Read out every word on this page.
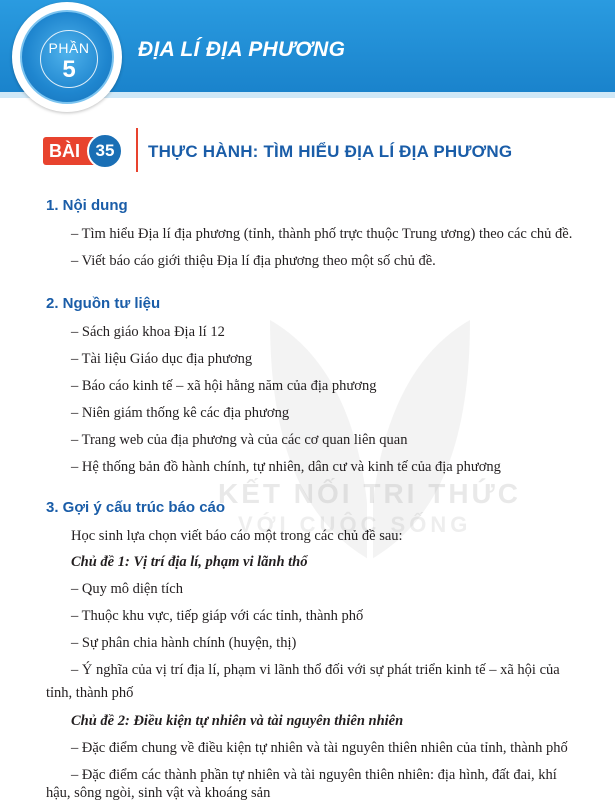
PHẦN
5
ĐỊA LÍ ĐỊA PHƯƠNG
KẾT NỐI TRI THỨC
VỚI CUỘC SỐNG
BÀI 35	THỰC HÀNH: TÌM HIỂU ĐỊA LÍ ĐỊA PHƯƠNG
1. Nội dung
– Tìm hiểu Địa lí địa phương (tỉnh, thành phố trực thuộc Trung ương) theo các chủ đề.
– Viết báo cáo giới thiệu Địa lí địa phương theo một số chủ đề.
2. Nguồn tư liệu
– Sách giáo khoa Địa lí 12
– Tài liệu Giáo dục địa phương
– Báo cáo kinh tế – xã hội hằng năm của địa phương
– Niên giám thống kê các địa phương
– Trang web của địa phương và của các cơ quan liên quan
– Hệ thống bản đồ hành chính, tự nhiên, dân cư và kinh tế của địa phương
3. Gợi ý cấu trúc báo cáo
Học sinh lựa chọn viết báo cáo một trong các chủ đề sau:
Chủ đề 1: Vị trí địa lí, phạm vi lãnh thổ
– Quy mô diện tích
– Thuộc khu vực, tiếp giáp với các tỉnh, thành phố
– Sự phân chia hành chính (huyện, thị)
– Ý nghĩa của vị trí địa lí, phạm vi lãnh thổ đối với sự phát triển kinh tế – xã hội của
tỉnh, thành phố
Chủ đề 2: Điều kiện tự nhiên và tài nguyên thiên nhiên
– Đặc điểm chung về điều kiện tự nhiên và tài nguyên thiên nhiên của tỉnh, thành phố
– Đặc điểm các thành phần tự nhiên và tài nguyên thiên nhiên: địa hình, đất đai, khí
hậu, sông ngòi, sinh vật và khoáng sản
